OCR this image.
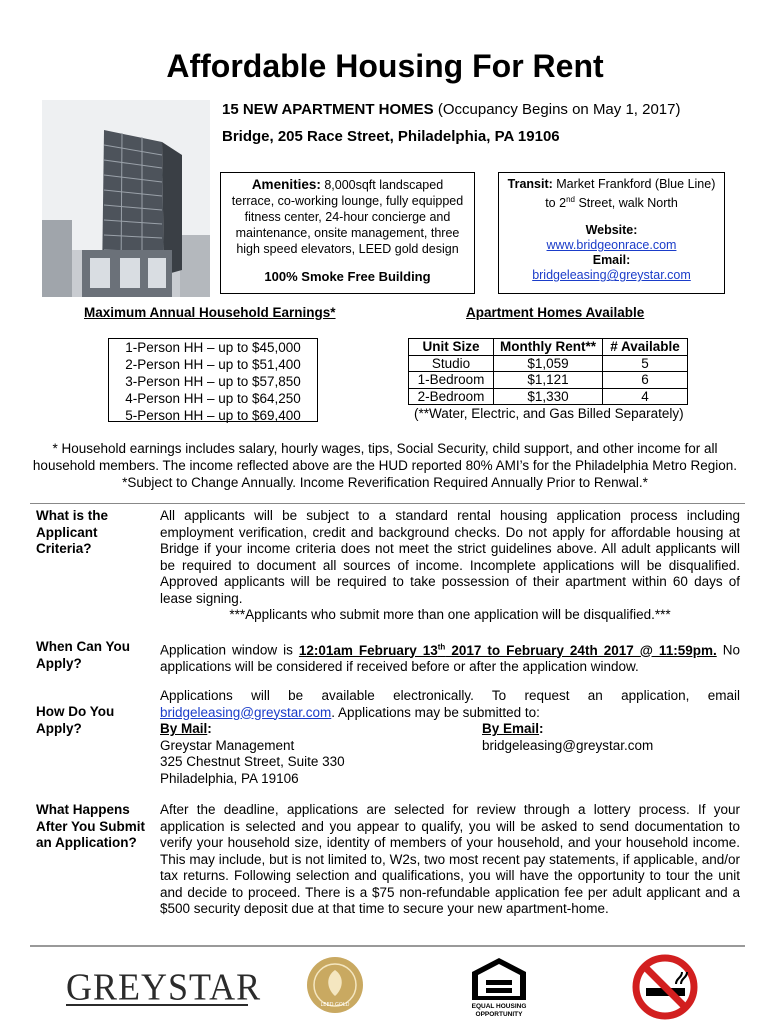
Affordable Housing For Rent
15 NEW APARTMENT HOMES (Occupancy Begins on May 1, 2017)
Bridge, 205 Race Street, Philadelphia, PA 19106
Amenities: 8,000sqft landscaped terrace, co-working lounge, fully equipped fitness center, 24-hour concierge and maintenance, onsite management, three high speed elevators, LEED gold design
100% Smoke Free Building
Transit: Market Frankford (Blue Line) to 2nd Street, walk North
Website:
www.bridgeonrace.com
Email:
bridgeleasing@greystar.com
Maximum Annual Household Earnings*	Apartment Homes Available
1-Person HH – up to $45,000
2-Person HH – up to $51,400
3-Person HH – up to $57,850
4-Person HH – up to $64,250
5-Person HH – up to $69,400
Unit Size	Monthly Rent**	# Available
Studio	$1,059	5
1-Bedroom	$1,121	6
2-Bedroom	$1,330	4
(**Water, Electric, and Gas Billed Separately)
* Household earnings includes salary, hourly wages, tips, Social Security, child support, and other income for all household members. The income reflected above are the HUD reported 80% AMI’s for the Philadelphia Metro Region. *Subject to Change Annually. Income Reverification Required Annually Prior to Renwal.*
What is the Applicant Criteria?
All applicants will be subject to a standard rental housing application process including employment verification, credit and background checks. Do not apply for affordable housing at Bridge if your income criteria does not meet the strict guidelines above. All adult applicants will be required to document all sources of income. Incomplete applications will be disqualified. Approved applicants will be required to take possession of their apartment within 60 days of lease signing.
***Applicants who submit more than one application will be disqualified.***
When Can You Apply?
Application window is 12:01am February 13th 2017 to February 24th 2017 @ 11:59pm. No applications will be considered if received before or after the application window.
How Do You Apply?
Applications will be available electronically. To request an application, email
bridgeleasing@greystar.com. Applications may be submitted to:
By Mail:
Greystar Management
325 Chestnut Street, Suite 330
Philadelphia, PA 19106
By Email:
bridgeleasing@greystar.com
What Happens After You Submit an Application?
After the deadline, applications are selected for review through a lottery process. If your application is selected and you appear to qualify, you will be asked to send documentation to verify your household size, identity of members of your household, and your household income. This may include, but is not limited to, W2s, two most recent pay statements, if applicable, and/or tax returns. Following selection and qualifications, you will have the opportunity to tour the unit and decide to proceed. There is a $75 non-refundable application fee per adult applicant and a $500 security deposit due at that time to secure your new apartment-home.
GREYSTAR	LEED GOLD	EQUAL HOUSING
OPPORTUNITY
